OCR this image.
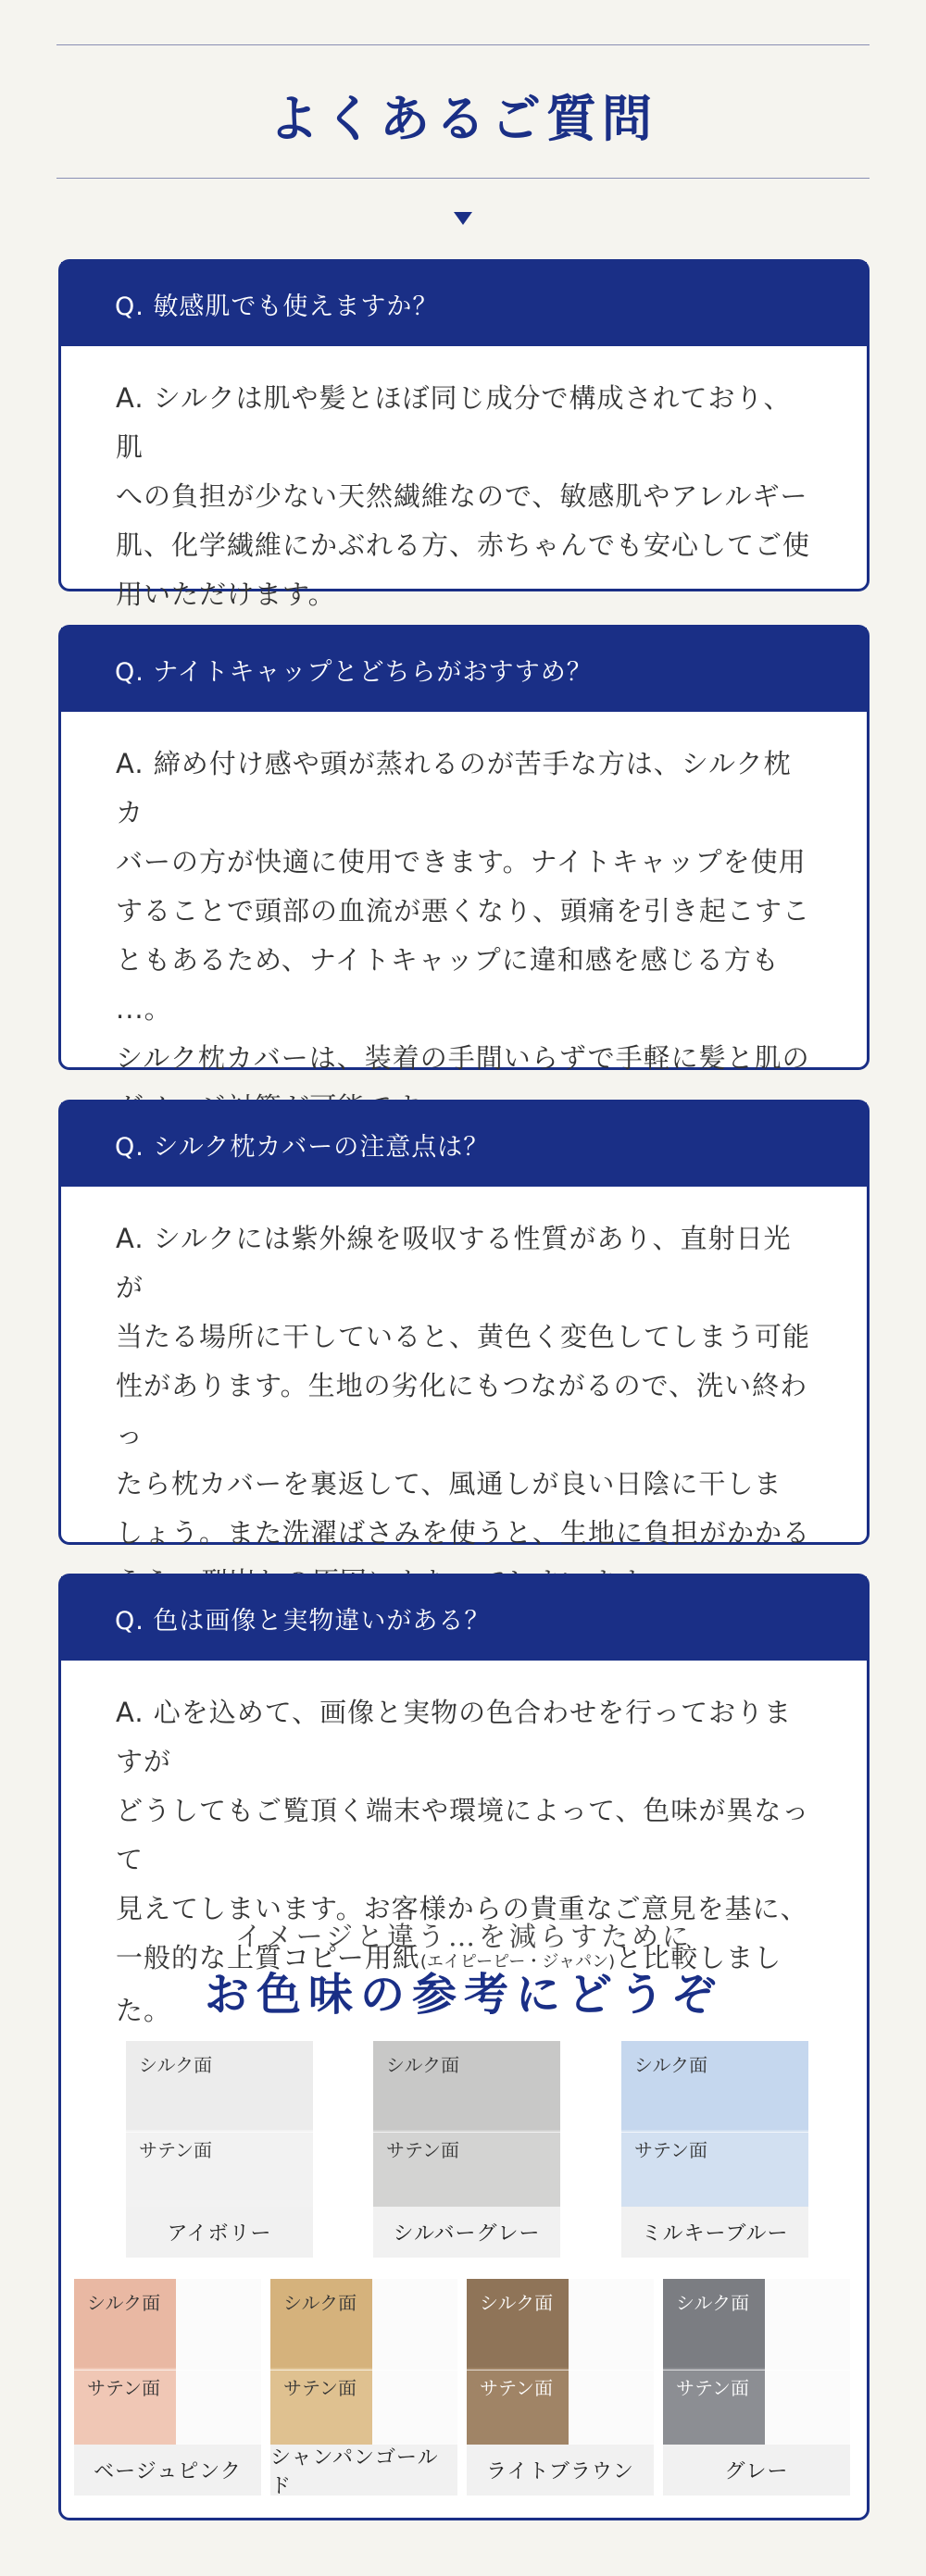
よくあるご質問
Q. 敏感肌でも使えますか？
A. シルクは肌や髪とほぼ同じ成分で構成されており、肌
への負担が少ない天然繊維なので、敏感肌やアレルギー
肌、化学繊維にかぶれる方、赤ちゃんでも安心してご使
用いただけます。
Q. ナイトキャップとどちらがおすすめ？
A. 締め付け感や頭が蒸れるのが苦手な方は、シルク枕カ
バーの方が快適に使用できます。ナイトキャップを使用
することで頭部の血流が悪くなり、頭痛を引き起こすこ
ともあるため、ナイトキャップに違和感を感じる方も ...。
シルク枕カバーは、装着の手間いらずで手軽に髪と肌の
Q. シルク枕カバーの注意点は？
A. シルクには紫外線を吸収する性質があり、直射日光が
当たる場所に干していると、黄色く変色してしまう可能
性があります。生地の劣化にもつながるので、洗い終わっ
たら枕カバーを裏返して、風通しが良い日陰に干しま
しょう。また洗濯ばさみを使うと、生地に負担がかかる
Q. 色は画像と実物違いがある？
A. 心を込めて、画像と実物の色合わせを行っておりますが
どうしてもご覧頂く端末や環境によって、色味が異なって
見えてしまいます。お客様からの貴重なご意見を基に、
一般的な上質コピー用紙(エイピーピー・ジャパン)と比較しました。
イメージと違う…を減らすために
お色味の参考にどうぞ
シルク面
サテン面
アイボリー
シルク面
サテン面
シルバーグレー
シルク面
サテン面
ミルキーブルー
シルク面
サテン面
ベージュピンク
シルク面
サテン面
シャンパンゴールド
シルク面
サテン面
ライトブラウン
シルク面
サテン面
グレー
